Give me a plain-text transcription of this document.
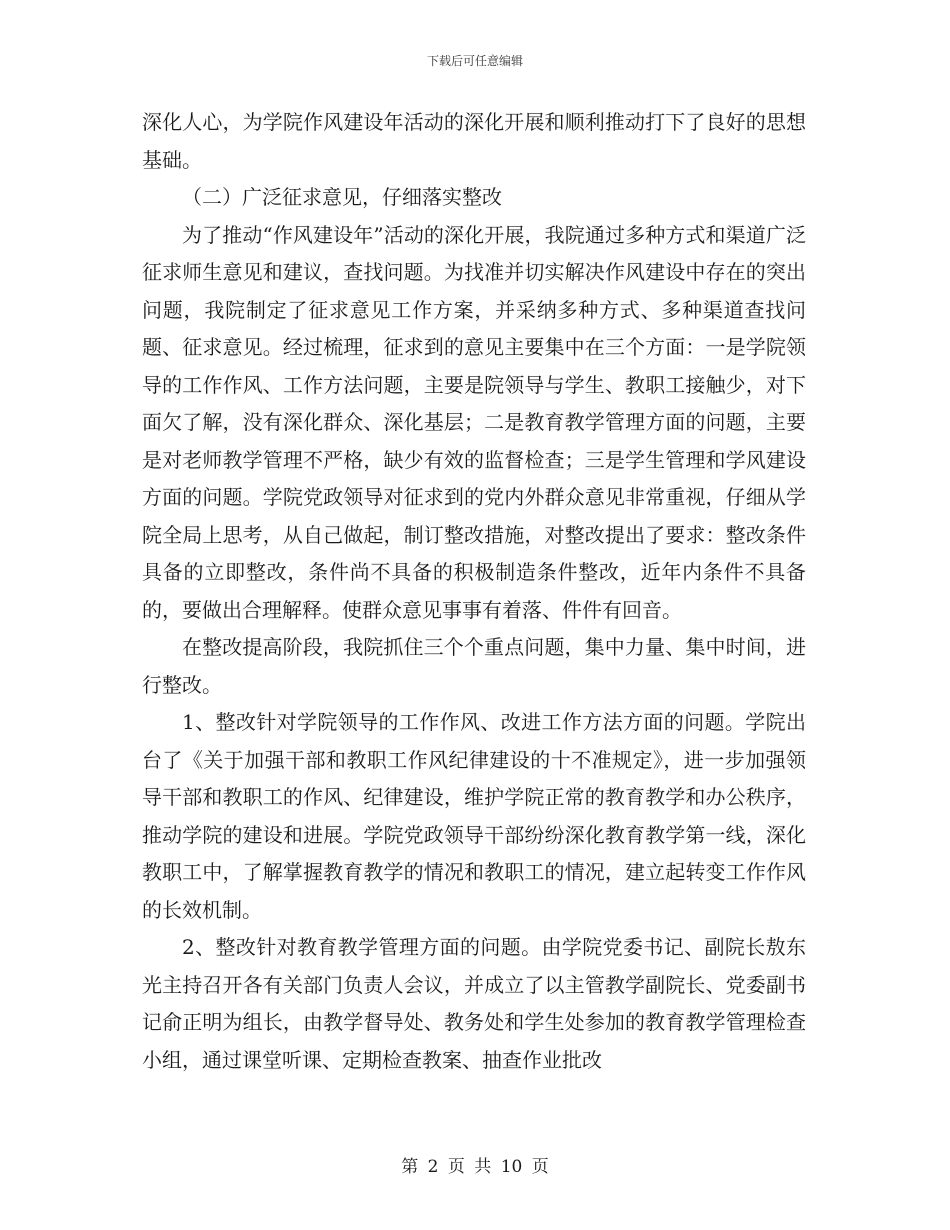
下载后可任意编辑

深化人心，为学院作风建设年活动的深化开展和顺利推动打下了良好的思想基础。

（二）广泛征求意见，仔细落实整改

为了推动“作风建设年”活动的深化开展，我院通过多种方式和渠道广泛征求师生意见和建议，查找问题。为找准并切实解决作风建设中存在的突出问题，我院制定了征求意见工作方案，并采纳多种方式、多种渠道查找问题、征求意见。经过梳理，征求到的意见主要集中在三个方面：一是学院领导的工作作风、工作方法问题，主要是院领导与学生、教职工接触少，对下面欠了解，没有深化群众、深化基层；二是教育教学管理方面的问题，主要是对老师教学管理不严格，缺少有效的监督检查；三是学生管理和学风建设方面的问题。学院党政领导对征求到的党内外群众意见非常重视，仔细从学院全局上思考，从自己做起，制订整改措施，对整改提出了要求：整改条件具备的立即整改，条件尚不具备的积极制造条件整改，近年内条件不具备的，要做出合理解释。使群众意见事事有着落、件件有回音。

在整改提高阶段，我院抓住三个个重点问题，集中力量、集中时间，进行整改。

1、整改针对学院领导的工作作风、改进工作方法方面的问题。学院出台了《关于加强干部和教职工作风纪律建设的十不准规定》，进一步加强领导干部和教职工的作风、纪律建设，维护学院正常的教育教学和办公秩序，推动学院的建设和进展。学院党政领导干部纷纷深化教育教学第一线，深化教职工中，了解掌握教育教学的情况和教职工的情况，建立起转变工作作风的长效机制。

2、整改针对教育教学管理方面的问题。由学院党委书记、副院长敖东光主持召开各有关部门负责人会议，并成立了以主管教学副院长、党委副书记俞正明为组长，由教学督导处、教务处和学生处参加的教育教学管理检查小组，通过课堂听课、定期检查教案、抽查作业批改

第 2 页 共 10 页
